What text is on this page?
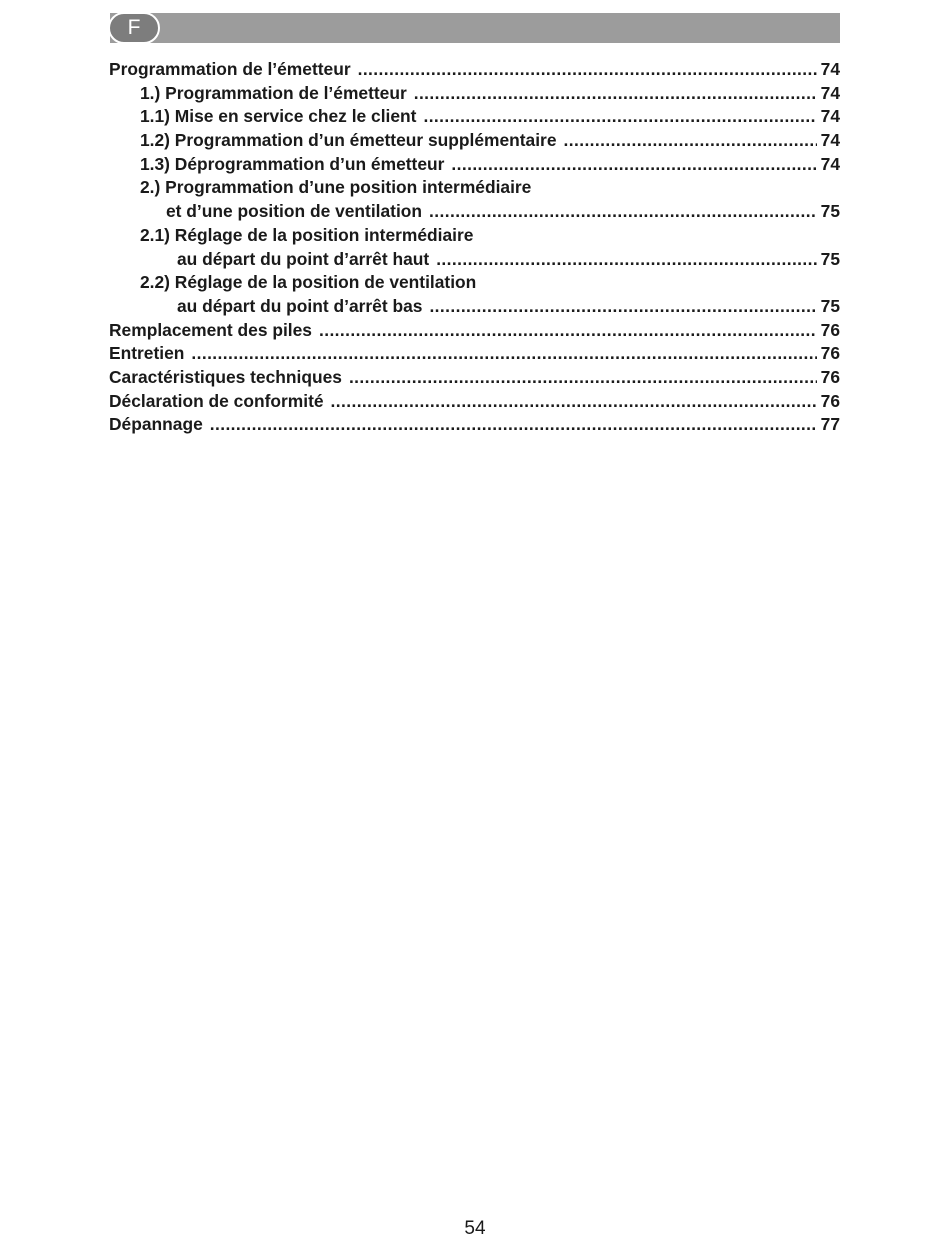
F
Programmation de l’émetteur .....	74
1.) Programmation de l’émetteur .....	74
1.1) Mise en service chez le client .....	74
1.2) Programmation d’un émetteur supplémentaire .....	74
1.3) Déprogrammation d’un émetteur .....	74
2.) Programmation d’une position intermédiaire
et d’une position de ventilation .....	75
2.1) Réglage de la position intermédiaire
au départ du point d’arrêt haut .....	75
2.2) Réglage de la position de ventilation
au départ du point d’arrêt bas .....	75
Remplacement des piles .....	76
Entretien .....	76
Caractéristiques techniques .....	76
Déclaration de conformité .....	76
Dépannage .....	77
54
